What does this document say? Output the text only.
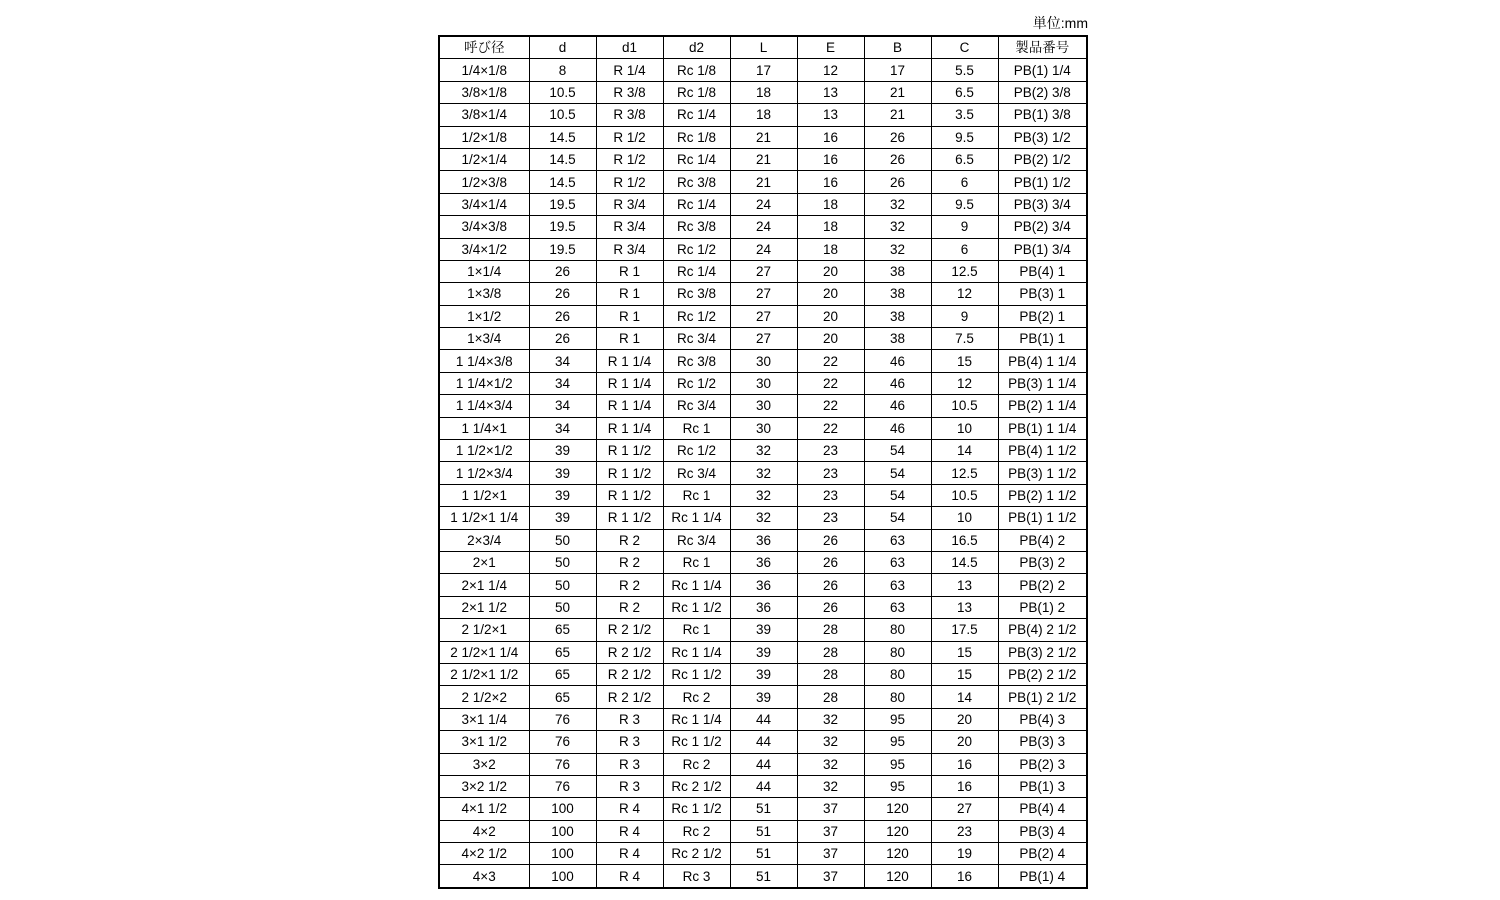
単位:mm
呼び径	d	d1	d2	L	E	B	C	製品番号
1/4×1/8	8	R 1/4	Rc 1/8	17	12	17	5.5	PB(1) 1/4
3/8×1/8	10.5	R 3/8	Rc 1/8	18	13	21	6.5	PB(2) 3/8
3/8×1/4	10.5	R 3/8	Rc 1/4	18	13	21	3.5	PB(1) 3/8
1/2×1/8	14.5	R 1/2	Rc 1/8	21	16	26	9.5	PB(3) 1/2
1/2×1/4	14.5	R 1/2	Rc 1/4	21	16	26	6.5	PB(2) 1/2
1/2×3/8	14.5	R 1/2	Rc 3/8	21	16	26	6	PB(1) 1/2
3/4×1/4	19.5	R 3/4	Rc 1/4	24	18	32	9.5	PB(3) 3/4
3/4×3/8	19.5	R 3/4	Rc 3/8	24	18	32	9	PB(2) 3/4
3/4×1/2	19.5	R 3/4	Rc 1/2	24	18	32	6	PB(1) 3/4
1×1/4	26	R 1	Rc 1/4	27	20	38	12.5	PB(4) 1
1×3/8	26	R 1	Rc 3/8	27	20	38	12	PB(3) 1
1×1/2	26	R 1	Rc 1/2	27	20	38	9	PB(2) 1
1×3/4	26	R 1	Rc 3/4	27	20	38	7.5	PB(1) 1
1 1/4×3/8	34	R 1 1/4	Rc 3/8	30	22	46	15	PB(4) 1 1/4
1 1/4×1/2	34	R 1 1/4	Rc 1/2	30	22	46	12	PB(3) 1 1/4
1 1/4×3/4	34	R 1 1/4	Rc 3/4	30	22	46	10.5	PB(2) 1 1/4
1 1/4×1	34	R 1 1/4	Rc 1	30	22	46	10	PB(1) 1 1/4
1 1/2×1/2	39	R 1 1/2	Rc 1/2	32	23	54	14	PB(4) 1 1/2
1 1/2×3/4	39	R 1 1/2	Rc 3/4	32	23	54	12.5	PB(3) 1 1/2
1 1/2×1	39	R 1 1/2	Rc 1	32	23	54	10.5	PB(2) 1 1/2
1 1/2×1 1/4	39	R 1 1/2	Rc 1 1/4	32	23	54	10	PB(1) 1 1/2
2×3/4	50	R 2	Rc 3/4	36	26	63	16.5	PB(4) 2
2×1	50	R 2	Rc 1	36	26	63	14.5	PB(3) 2
2×1 1/4	50	R 2	Rc 1 1/4	36	26	63	13	PB(2) 2
2×1 1/2	50	R 2	Rc 1 1/2	36	26	63	13	PB(1) 2
2 1/2×1	65	R 2 1/2	Rc 1	39	28	80	17.5	PB(4) 2 1/2
2 1/2×1 1/4	65	R 2 1/2	Rc 1 1/4	39	28	80	15	PB(3) 2 1/2
2 1/2×1 1/2	65	R 2 1/2	Rc 1 1/2	39	28	80	15	PB(2) 2 1/2
2 1/2×2	65	R 2 1/2	Rc 2	39	28	80	14	PB(1) 2 1/2
3×1 1/4	76	R 3	Rc 1 1/4	44	32	95	20	PB(4) 3
3×1 1/2	76	R 3	Rc 1 1/2	44	32	95	20	PB(3) 3
3×2	76	R 3	Rc 2	44	32	95	16	PB(2) 3
3×2 1/2	76	R 3	Rc 2 1/2	44	32	95	16	PB(1) 3
4×1 1/2	100	R 4	Rc 1 1/2	51	37	120	27	PB(4) 4
4×2	100	R 4	Rc 2	51	37	120	23	PB(3) 4
4×2 1/2	100	R 4	Rc 2 1/2	51	37	120	19	PB(2) 4
4×3	100	R 4	Rc 3	51	37	120	16	PB(1) 4
